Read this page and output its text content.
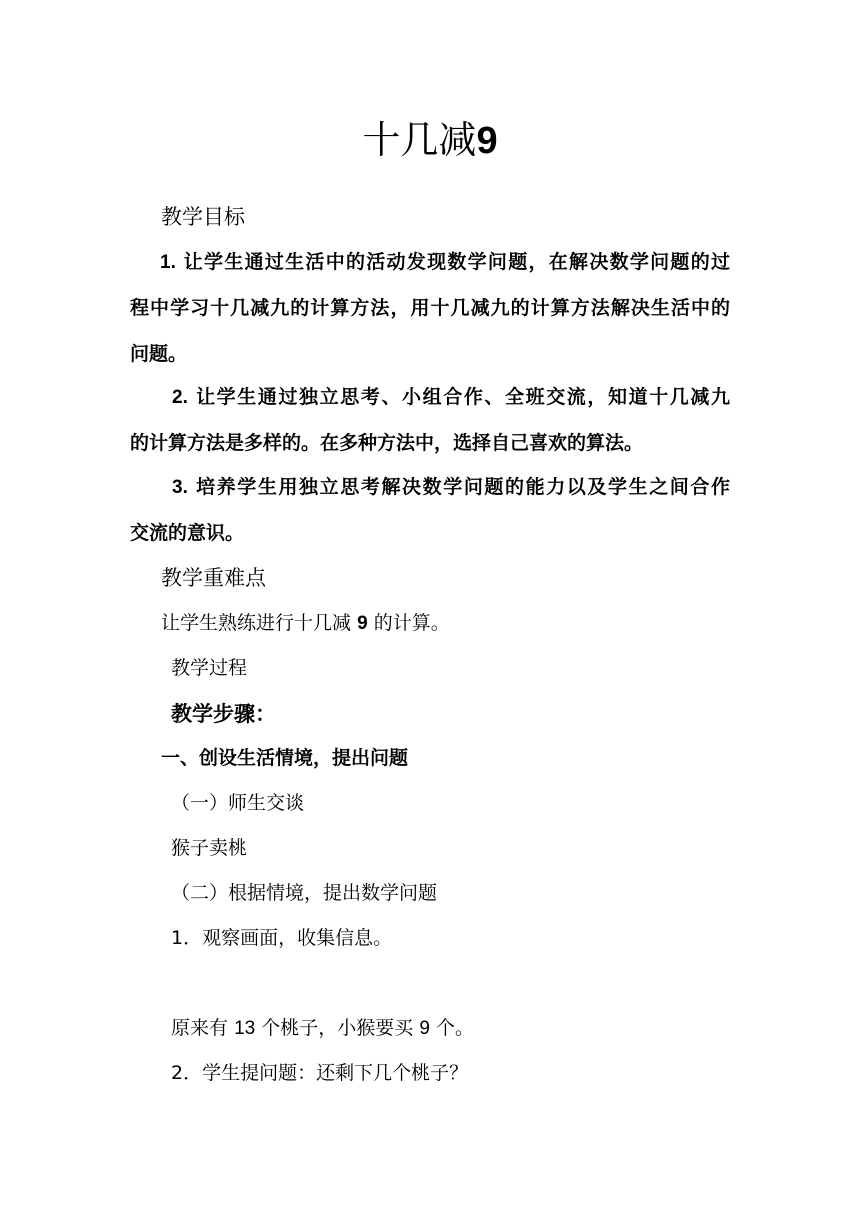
十几减9

教学目标

1. 让学生通过生活中的活动发现数学问题，在解决数学问题的过

程中学习十几减九的计算方法，用十几减九的计算方法解决生活中的

问题。

2. 让学生通过独立思考、小组合作、全班交流，知道十几减九

的计算方法是多样的。在多种方法中，选择自己喜欢的算法。

3. 培养学生用独立思考解决数学问题的能力以及学生之间合作

交流的意识。

教学重难点

让学生熟练进行十几减 9 的计算。

教学过程

教学步骤：

一、创设生活情境，提出问题

（一）师生交谈

猴子卖桃

（二）根据情境，提出数学问题

1．观察画面，收集信息。

原来有 13 个桃子，小猴要买 9 个。

2．学生提问题：还剩下几个桃子？
